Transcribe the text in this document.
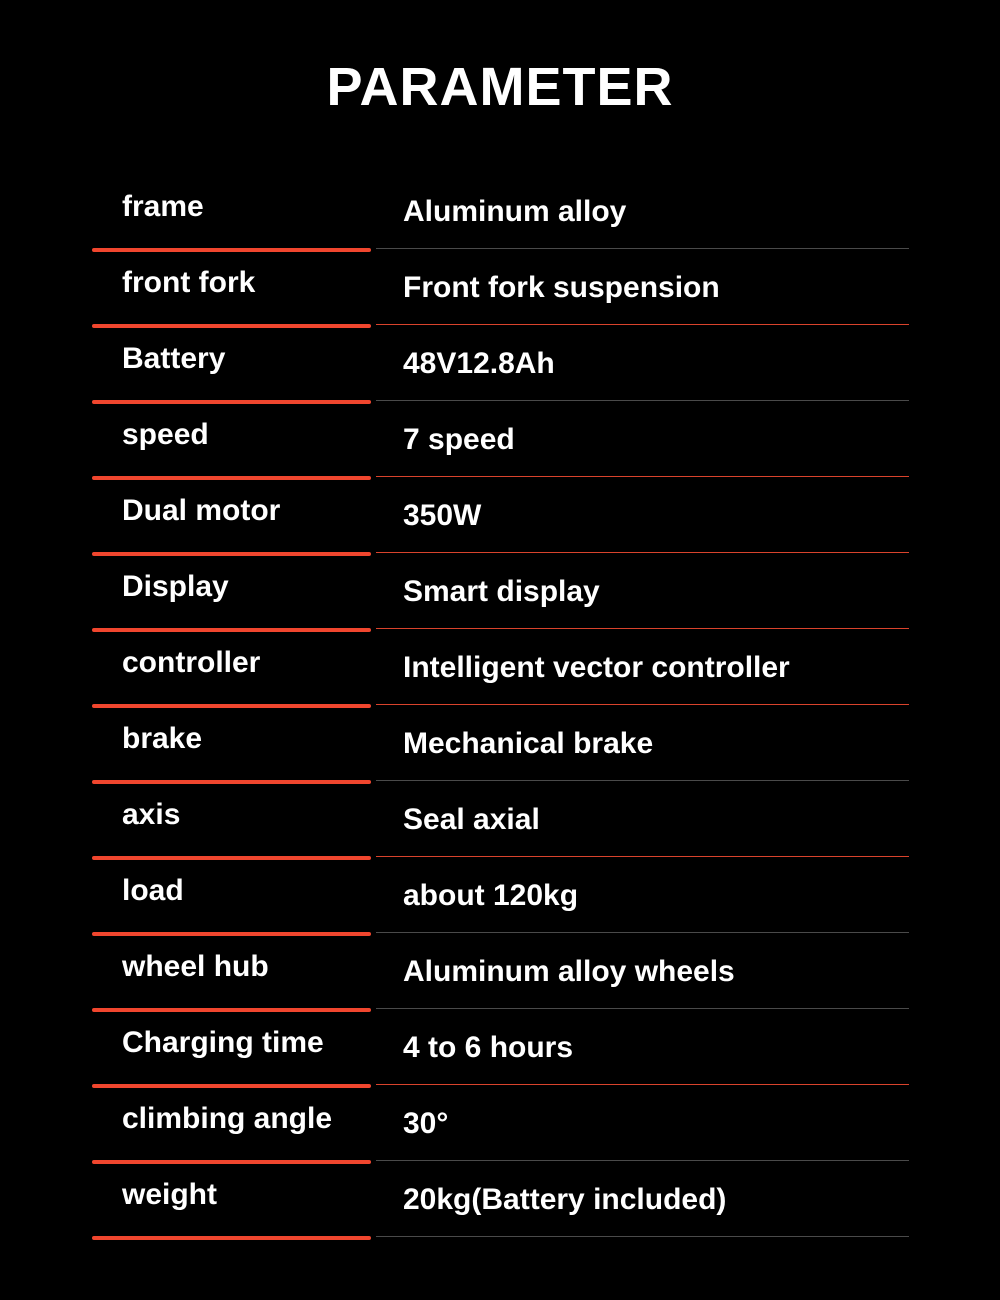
PARAMETER
frame	Aluminum alloy
front fork	Front fork suspension
Battery	48V12.8Ah
speed	7 speed
Dual motor	350W
Display	Smart display
controller	Intelligent vector controller
brake	Mechanical brake
axis	Seal axial
load	about 120kg
wheel hub	Aluminum alloy wheels
Charging time	4 to 6 hours
climbing angle 30°
weight	20kg(Battery included)
